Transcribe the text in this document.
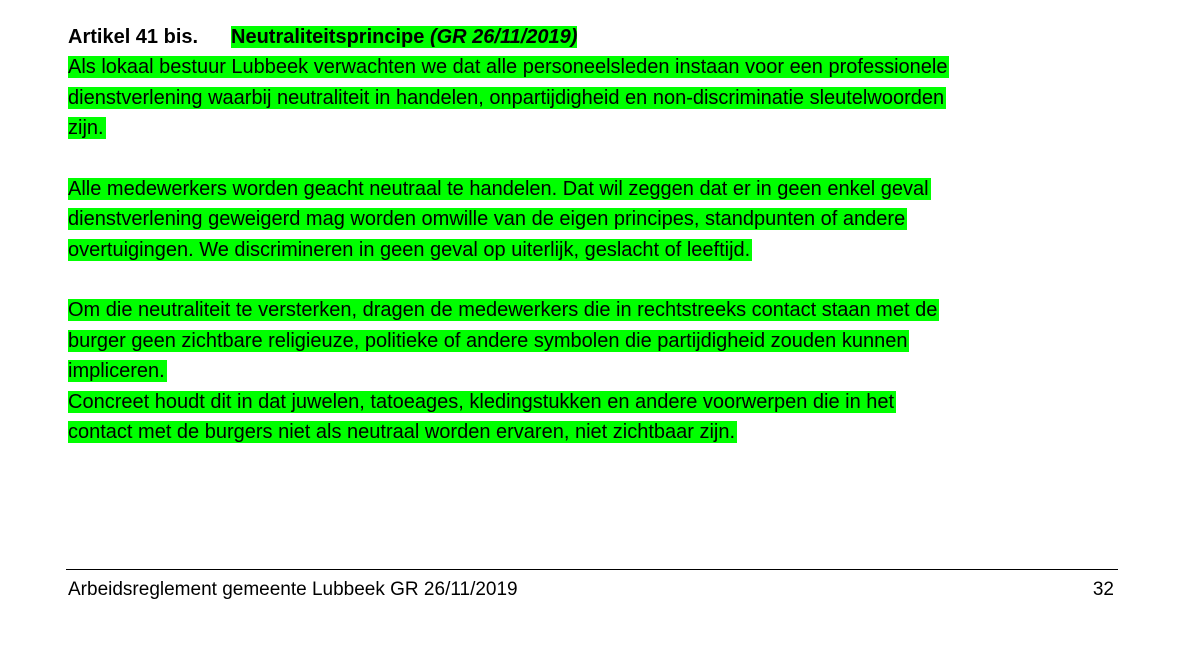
Artikel 41 bis. Neutraliteitsprincipe (GR 26/11/2019)
Als lokaal bestuur Lubbeek verwachten we dat alle personeelsleden instaan voor een professionele
dienstverlening waarbij neutraliteit in handelen, onpartijdigheid en non-discriminatie sleutelwoorden
zijn.
Alle medewerkers worden geacht neutraal te handelen. Dat wil zeggen dat er in geen enkel geval
dienstverlening geweigerd mag worden omwille van de eigen principes, standpunten of andere
overtuigingen. We discrimineren in geen geval op uiterlijk, geslacht of leeftijd.
Om die neutraliteit te versterken, dragen de medewerkers die in rechtstreeks contact staan met de
burger geen zichtbare religieuze, politieke of andere symbolen die partijdigheid zouden kunnen
impliceren.
Concreet houdt dit in dat juwelen, tatoeages, kledingstukken en andere voorwerpen die in het
contact met de burgers niet als neutraal worden ervaren, niet zichtbaar zijn.
Arbeidsreglement gemeente Lubbeek GR 26/11/2019	32
